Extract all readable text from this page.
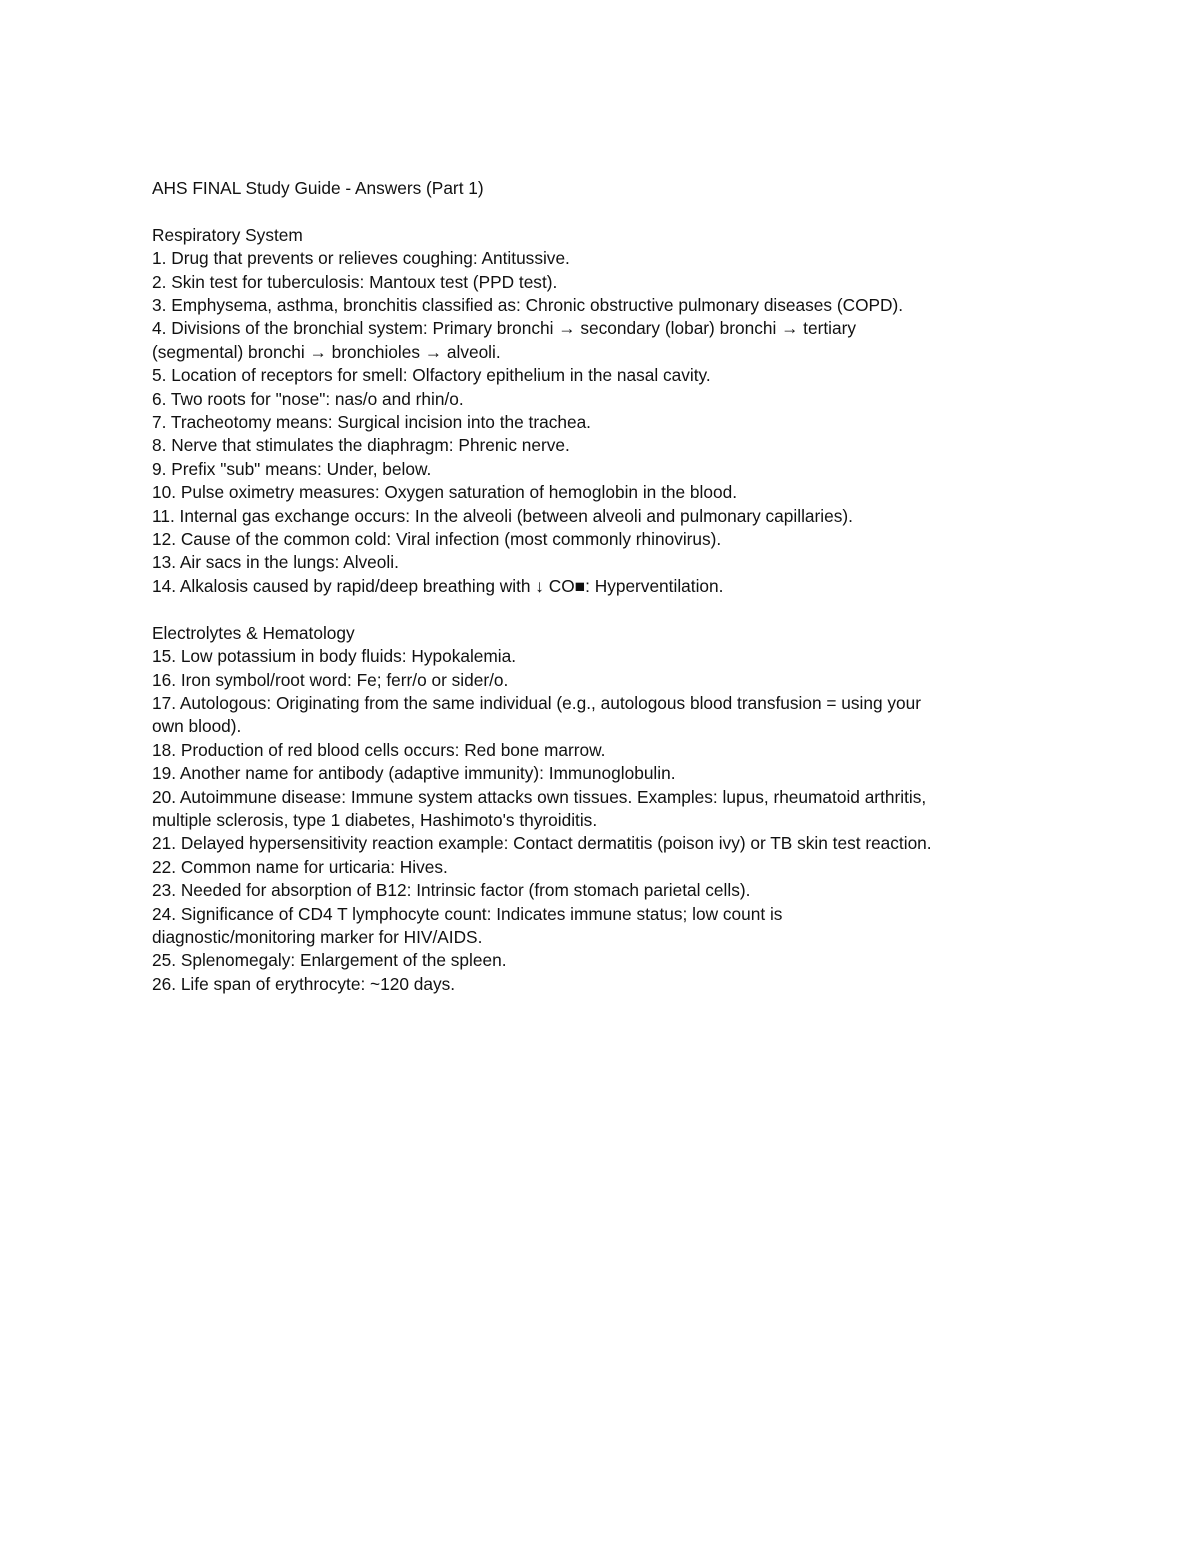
AHS FINAL Study Guide - Answers (Part 1)

Respiratory System

1. Drug that prevents or relieves coughing: Antitussive.

2. Skin test for tuberculosis: Mantoux test (PPD test).

3. Emphysema, asthma, bronchitis classified as: Chronic obstructive pulmonary diseases (COPD).

4. Divisions of the bronchial system: Primary bronchi → secondary (lobar) bronchi → tertiary

(segmental) bronchi → bronchioles → alveoli.

5. Location of receptors for smell: Olfactory epithelium in the nasal cavity.

6. Two roots for "nose": nas/o and rhin/o.

7. Tracheotomy means: Surgical incision into the trachea.

8. Nerve that stimulates the diaphragm: Phrenic nerve.

9. Prefix "sub" means: Under, below.

10. Pulse oximetry measures: Oxygen saturation of hemoglobin in the blood.

11. Internal gas exchange occurs: In the alveoli (between alveoli and pulmonary capillaries).

12. Cause of the common cold: Viral infection (most commonly rhinovirus).

13. Air sacs in the lungs: Alveoli.

14. Alkalosis caused by rapid/deep breathing with ↓ CO■: Hyperventilation.

Electrolytes & Hematology

15. Low potassium in body fluids: Hypokalemia.

16. Iron symbol/root word: Fe; ferr/o or sider/o.

17. Autologous: Originating from the same individual (e.g., autologous blood transfusion = using your

own blood).

18. Production of red blood cells occurs: Red bone marrow.

19. Another name for antibody (adaptive immunity): Immunoglobulin.

20. Autoimmune disease: Immune system attacks own tissues. Examples: lupus, rheumatoid arthritis,

multiple sclerosis, type 1 diabetes, Hashimoto's thyroiditis.

21. Delayed hypersensitivity reaction example: Contact dermatitis (poison ivy) or TB skin test reaction.

22. Common name for urticaria: Hives.

23. Needed for absorption of B12: Intrinsic factor (from stomach parietal cells).

24. Significance of CD4 T lymphocyte count: Indicates immune status; low count is

diagnostic/monitoring marker for HIV/AIDS.

25. Splenomegaly: Enlargement of the spleen.

26. Life span of erythrocyte: ~120 days.
